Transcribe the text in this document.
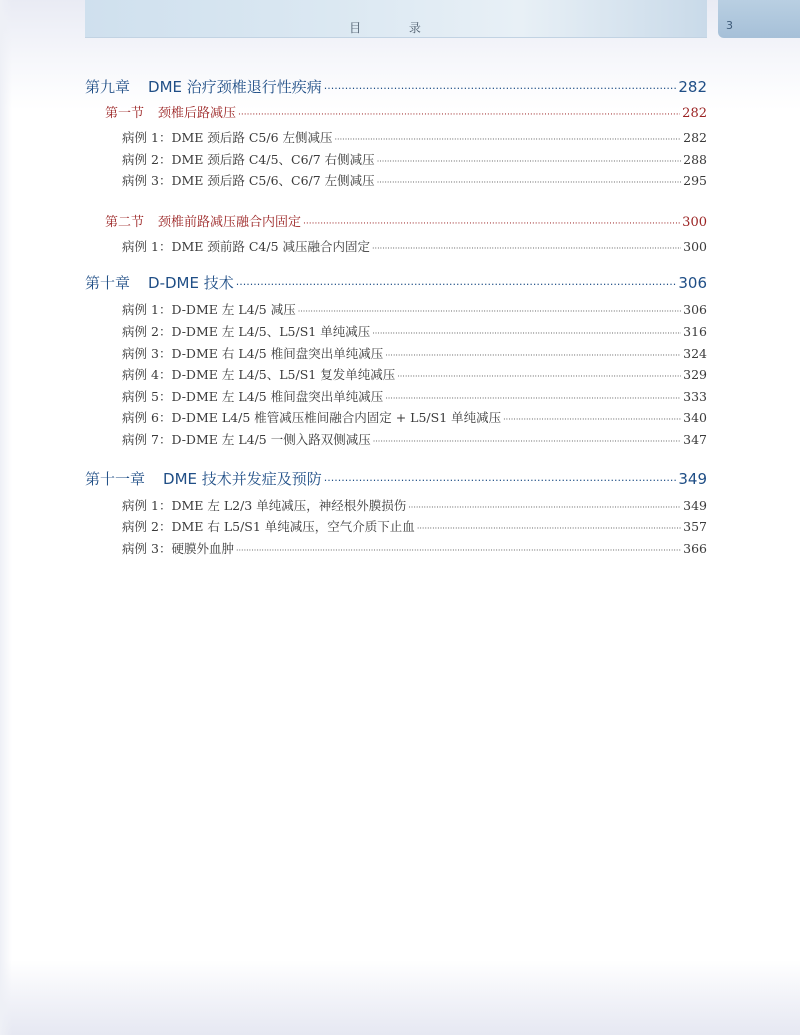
目 录	3
第九章 DME 治疗颈椎退行性疾病 ·····	282
第一节 颈椎后路减压 ·····	282
病例 1 ： DME 颈后路 C5/6 左侧减压 ·····	282
病例 2 ： DME 颈后路 C4/5、C6/7 右侧减压 ·····	288
病例 3 ： DME 颈后路 C5/6、C6/7 左侧减压 ·····	295
第二节 颈椎前路减压融合内固定 ·····	300
病例 1 ： DME 颈前路 C4/5 减压融合内固定 ·····	300
第十章 D-DME 技术 ·····	306
病例 1 ： D-DME 左 L4/5 减压 ·····	306
病例 2 ： D-DME 左 L4/5、L5/S1 单纯减压 ·····	316
病例 3 ： D-DME 右 L4/5 椎间盘突出单纯减压 ·····	324
病例 4 ： D-DME 左 L4/5、L5/S1 复发单纯减压 ·····	329
病例 5 ： D-DME 左 L4/5 椎间盘突出单纯减压 ·····	333
病例 6 ： D-DME L4/5 椎管减压椎间融合内固定 + L5/S1 单纯减压 ·····	340
病例 7 ： D-DME 左 L4/5 一侧入路双侧减压 ·····	347
第十一章 DME 技术并发症及预防 ·····	349
病例 1 ： DME 左 L2/3 单纯减压，神经根外膜损伤 ·····	349
病例 2 ： DME 右 L5/S1 单纯减压，空气介质下止血 ·····	357
病例 3 ： 硬膜外血肿 ·····	366
